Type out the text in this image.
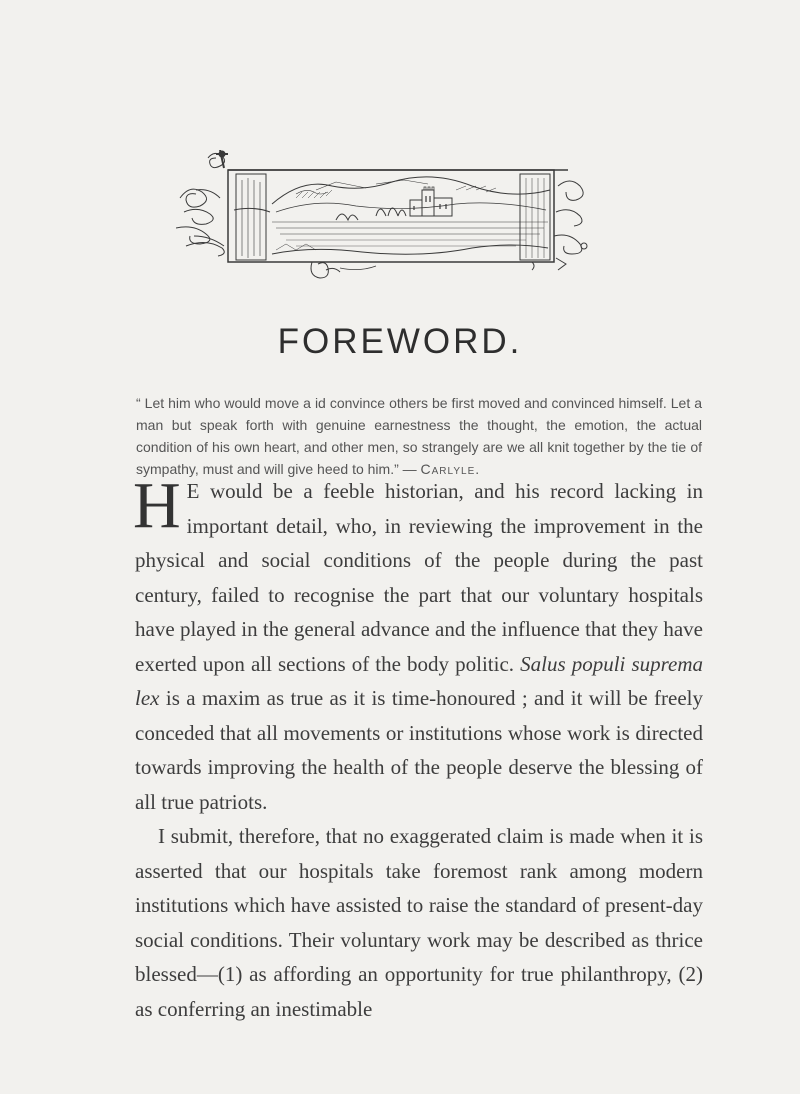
FOREWORD.

“ Let him who would move a id convince others be first moved and convinced himself. Let a man but speak forth with genuine earnestness the thought, the emotion, the actual condition of his own heart, and other men, so strangely are we all knit together by the tie of sympathy, must and will give heed to him.” — Carlyle.

H E would be a feeble historian, and his record lacking in important detail, who, in reviewing the improvement in the physical and social conditions of the people during the past century, failed to recognise the part that our voluntary hospitals have played in the general advance and the influence that they have exerted upon all sections of the body politic. Salus populi suprema lex is a maxim as true as it is time-honoured ; and it will be freely conceded that all movements or institutions whose work is directed towards improving the health of the people deserve the blessing of all true patriots.

I submit, therefore, that no exaggerated claim is made when it is asserted that our hospitals take foremost rank among modern institutions which have assisted to raise the standard of present-day social conditions. Their voluntary work may be described as thrice blessed—(1) as affording an opportunity for true philanthropy, (2) as conferring an inestimable
